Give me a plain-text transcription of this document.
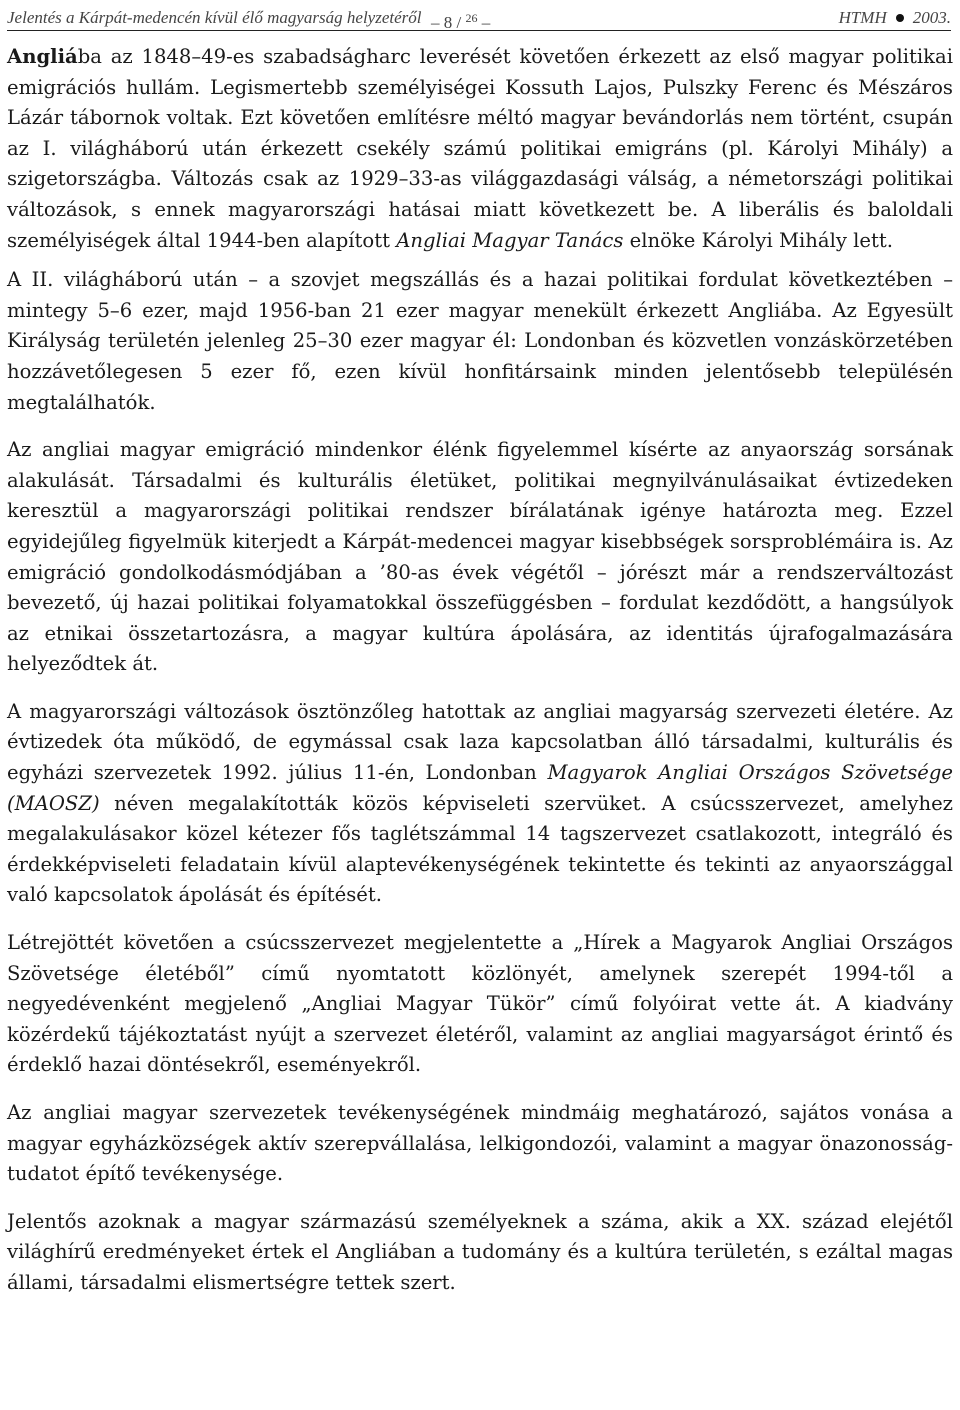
Jelentés a Kárpát-medencén kívül élő magyarság helyzetéről – 8 / $^{26}$ –	HTMH 2003.

Angliába az 1848–49-es szabadságharc leverését követően érkezett az első magyar politikai emigrációs hullám. Legismertebb személyiségei Kossuth Lajos, Pulszky Ferenc és Mészáros Lázár tábornok voltak. Ezt követően említésre méltó magyar bevándorlás nem történt, csupán az I. világháború után érkezett csekély számú politikai emigráns (pl. Károlyi Mihály) a szigetországba. Változás csak az 1929–33-as világgazdasági válság, a németországi politikai változások, s ennek magyarországi hatásai miatt következett be. A liberális és baloldali személyiségek által 1944-ben alapított Angliai Magyar Tanács elnöke Károlyi Mihály lett.

A II. világháború után – a szovjet megszállás és a hazai politikai fordulat következtében – mintegy 5–6 ezer, majd 1956-ban 21 ezer magyar menekült érkezett Angliába. Az Egyesült Királyság területén jelenleg 25–30 ezer magyar él: Londonban és közvetlen vonzáskörzetében hozzávetőlegesen 5 ezer fő, ezen kívül honfitársaink minden jelentősebb településén megtalálhatók.

Az angliai magyar emigráció mindenkor élénk figyelemmel kísérte az anyaország sorsának alakulását. Társadalmi és kulturális életüket, politikai megnyilvánulásaikat évtizedeken keresztül a magyarországi politikai rendszer bírálatának igénye határozta meg. Ezzel egyidejűleg figyelmük kiterjedt a Kárpát-medencei magyar kisebbségek sorsproblémáira is. Az emigráció gondolkodásmódjában a ’80-as évek végétől – jórészt már a rendszerváltozást bevezető, új hazai politikai folyamatokkal összefüggésben – fordulat kezdődött, a hangsúlyok az etnikai összetartozásra, a magyar kultúra ápolására, az identitás újrafogalmazására helyeződtek át.

A magyarországi változások ösztönzőleg hatottak az angliai magyarság szervezeti életére. Az évtizedek óta működő, de egymással csak laza kapcsolatban álló társadalmi, kulturális és egyházi szervezetek 1992. július 11-én, Londonban Magyarok Angliai Országos Szövetsége (MAOSZ) néven megalakították közös képviseleti szervüket. A csúcsszervezet, amelyhez megalakulásakor közel kétezer fős taglétszámmal 14 tagszervezet csatlakozott, integráló és érdekképviseleti feladatain kívül alaptevékenységének tekintette és tekinti az anyaországgal való kapcsolatok ápolását és építését.

Létrejöttét követően a csúcsszervezet megjelentette a „Hírek a Magyarok Angliai Országos Szövetsége életéből” című nyomtatott közlönyét, amelynek szerepét 1994-től a negyedévenként megjelenő „Angliai Magyar Tükör” című folyóirat vette át. A kiadvány közérdekű tájékoztatást nyújt a szervezet életéről, valamint az angliai magyarságot érintő és érdeklő hazai döntésekről, eseményekről.

Az angliai magyar szervezetek tevékenységének mindmáig meghatározó, sajátos vonása a magyar egyházközségek aktív szerepvállalása, lelkigondozói, valamint a magyar önazonosság-tudatot építő tevékenysége.

Jelentős azoknak a magyar származású személyeknek a száma, akik a XX. század elejétől világhírű eredményeket értek el Angliában a tudomány és a kultúra területén, s ezáltal magas állami, társadalmi elismertségre tettek szert.
